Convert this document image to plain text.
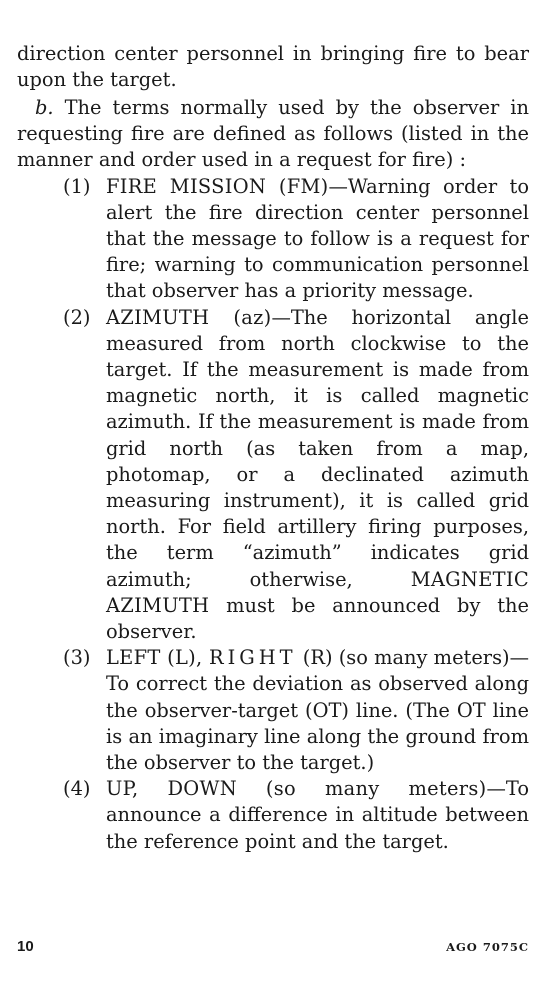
direction center personnel in bringing fire to bear upon the target.

b. The terms normally used by the observer in requesting fire are defined as follows (listed in the manner and order used in a request for fire) :

(1) FIRE MISSION (FM)—Warning order to alert the fire direction center personnel that the message to follow is a request for fire; warning to communication personnel that observer has a priority message.
(2) AZIMUTH (az)—The horizontal angle measured from north clockwise to the target. If the measurement is made from magnetic north, it is called magnetic azimuth. If the measurement is made from grid north (as taken from a map, photomap, or a declinated azimuth measuring instrument), it is called grid north. For field artillery firing purposes, the term “azimuth” indicates grid azimuth; otherwise, MAGNETIC AZIMUTH must be announced by the observer.
(3) LEFT (L), RIGHT (R) (so many meters)—To correct the deviation as observed along the observer-target (OT) line. (The OT line is an imaginary line along the ground from the observer to the target.)
(4) UP, DOWN (so many meters)—To announce a difference in altitude between the reference point and the target.
10	AGO 7075C
